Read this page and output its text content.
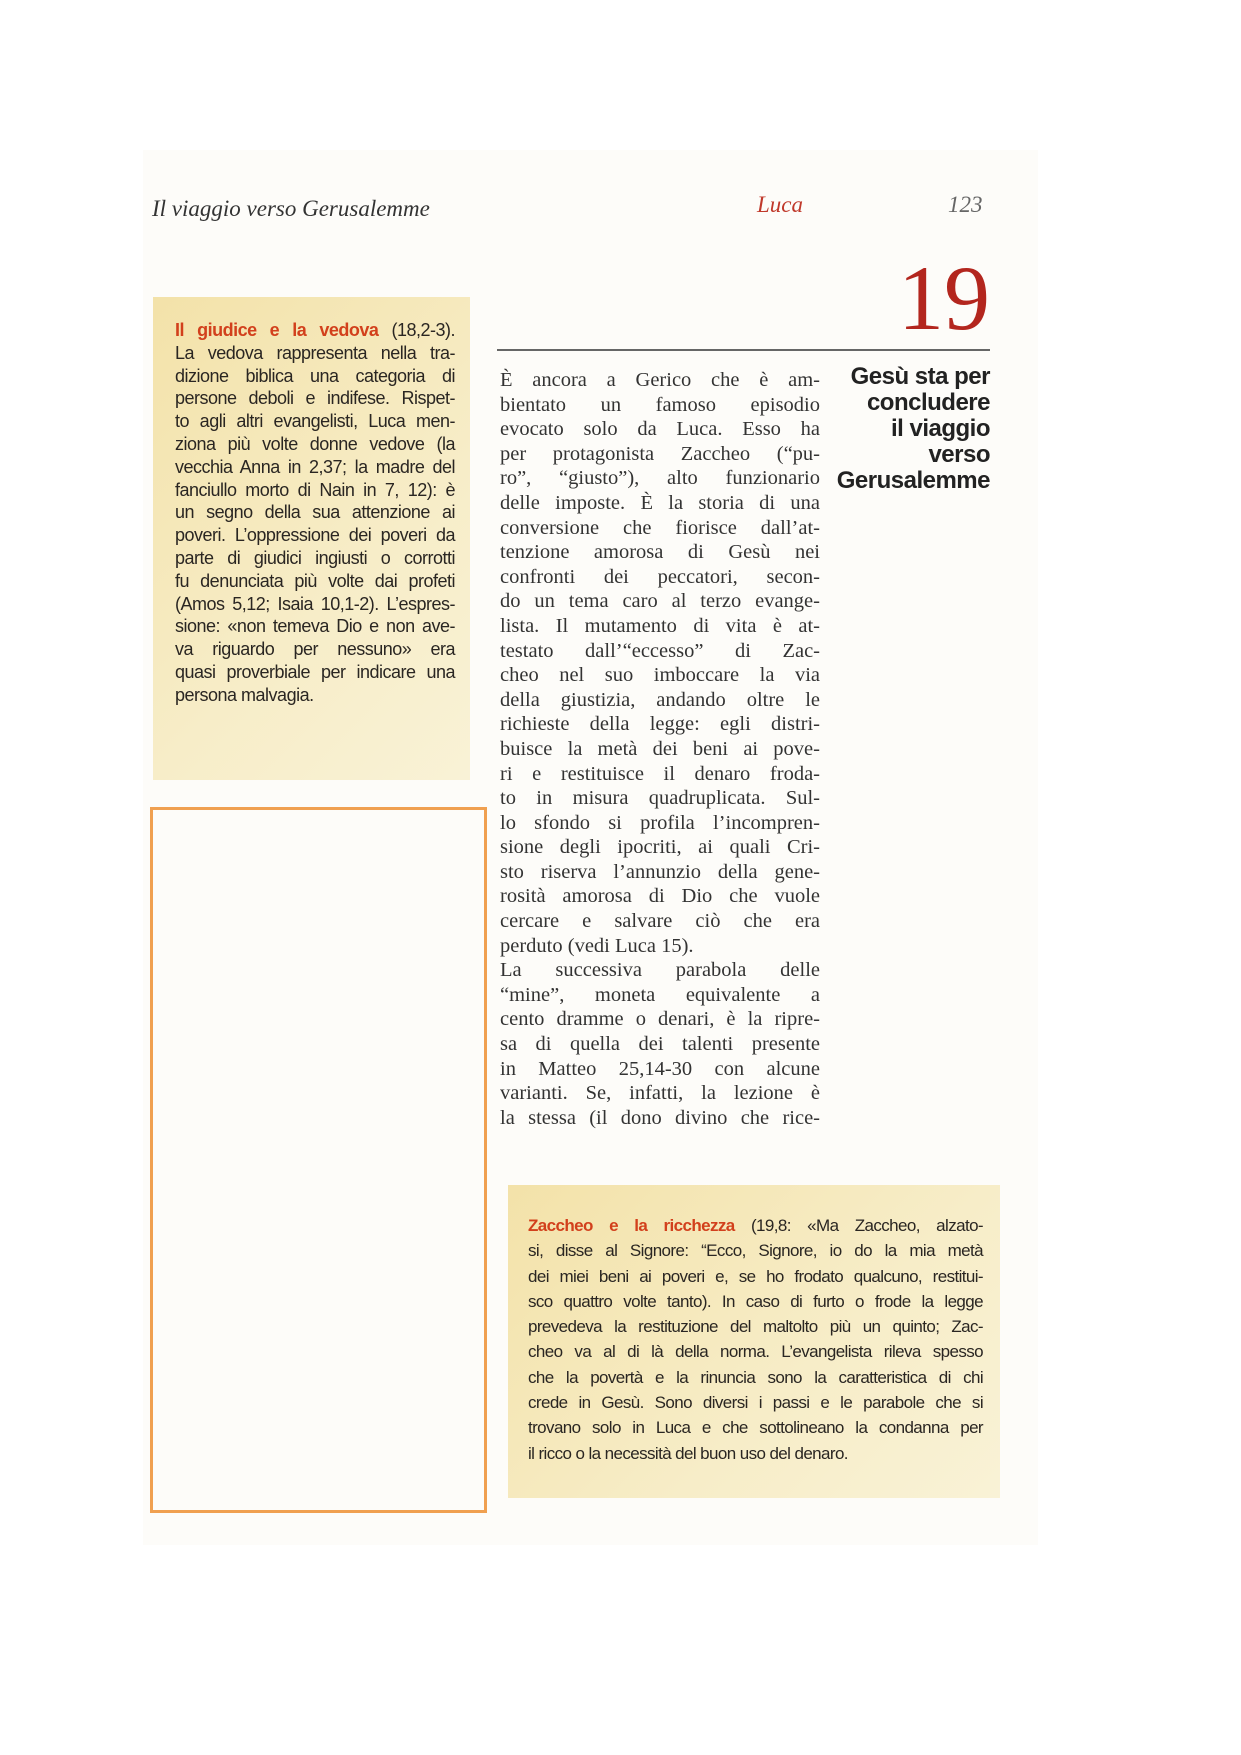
Il viaggio verso Gerusalemme	Luca	123
19
Il giudice e la vedova (18,2-3).
La vedova rappresenta nella tra-
dizione biblica una categoria di
persone deboli e indifese. Rispet-
to agli altri evangelisti, Luca men-
ziona più volte donne vedove (la
vecchia Anna in 2,37; la madre del
fanciullo morto di Nain in 7, 12): è
un segno della sua attenzione ai
poveri. L’oppressione dei poveri da
parte di giudici ingiusti o corrotti
fu denunciata più volte dai profeti
(Amos 5,12; Isaia 10,1-2). L’espres-
sione: «non temeva Dio e non ave-
va riguardo per nessuno» era
quasi proverbiale per indicare una
persona malvagia.
Gesù sta per
concludere
il viaggio
verso
Gerusalemme
È ancora a Gerico che è am-
bientato un famoso episodio
evocato solo da Luca. Esso ha
per protagonista Zaccheo (“pu-
ro”, “giusto”), alto funzionario
delle imposte. È la storia di una
conversione che fiorisce dall’at-
tenzione amorosa di Gesù nei
confronti dei peccatori, secon-
do un tema caro al terzo evange-
lista. Il mutamento di vita è at-
testato dall’“eccesso” di Zac-
cheo nel suo imboccare la via
della giustizia, andando oltre le
richieste della legge: egli distri-
buisce la metà dei beni ai pove-
ri e restituisce il denaro froda-
to in misura quadruplicata. Sul-
lo sfondo si profila l’incompren-
sione degli ipocriti, ai quali Cri-
sto riserva l’annunzio della gene-
rosità amorosa di Dio che vuole
cercare e salvare ciò che era
perduto (vedi Luca 15).
La successiva parabola delle
“mine”, moneta equivalente a
cento dramme o denari, è la ripre-
sa di quella dei talenti presente
in Matteo 25,14-30 con alcune
varianti. Se, infatti, la lezione è
la stessa (il dono divino che rice-
Zaccheo e la ricchezza (19,8: «Ma Zaccheo, alzato-
si, disse al Signore: “Ecco, Signore, io do la mia metà
dei miei beni ai poveri e, se ho frodato qualcuno, restitui-
sco quattro volte tanto). In caso di furto o frode la legge
prevedeva la restituzione del maltolto più un quinto; Zac-
cheo va al di là della norma. L’evangelista rileva spesso
che la povertà e la rinuncia sono la caratteristica di chi
crede in Gesù. Sono diversi i passi e le parabole che si
trovano solo in Luca e che sottolineano la condanna per
il ricco o la necessità del buon uso del denaro.
